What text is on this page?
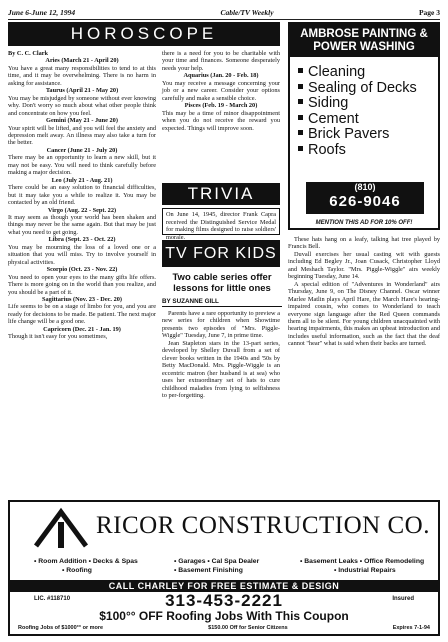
June 6-June 12, 1994	Cable/TV Weekly	Page 3
HOROSCOPE
By C. C. Clark
Aries (March 21 - April 20)

You have a great many responsibilities to tend to at this time, and it may be overwhelming. There is no harm in asking for assistance.

Taurus (April 21 - May 20)

You may be misjudged by someone without ever knowing why. Don't worry so much about what other people think and concentrate on how you feel.

Gemini (May 21 - June 20)

Your spirit will be lifted, and you will feel the anxiety and depression melt away. An illness may also take a turn for the better.

Cancer (June 21 - July 20)

There may be an opportunity to learn a new skill, but it may not be easy. You will need to think carefully before making a major decision.

Leo (July 21 - Aug. 21)

There could be an easy solution to financial difficulties, but it may take you a while to realize it. You may be contacted by an old friend.

Virgo (Aug. 22 - Sept. 22)

It may seem as though your world has been shaken and things may never be the same again. But that may be just what you need to get going.

Libra (Sept. 23 - Oct. 22)

You may be mourning the loss of a loved one or a situation that you will miss. Try to involve yourself in physical activities.

Scorpio (Oct. 23 - Nov. 22)

You need to open your eyes to the many gifts life offers. There is more going on in the world than you realize, and you should be a part of it.

Sagittarius (Nov. 23 - Dec. 20)

Life seems to be on a stage of limbo for you, and you are ready for decisions to be made. Be patient. The next major life change will be a good one.

Capricorn (Dec. 21 - Jan. 19)

Though it isn't easy for you sometimes,

there is a need for you to be charitable with your time and finances. Someone desperately needs your help.

Aquarius (Jan. 20 - Feb. 18)

You may receive a message concerning your job or a new career. Consider your options carefully and make a sensible choice.

Pisces (Feb. 19 - March 20)

This may be a time of minor disappointment when you do not receive the reward you expected. Things will improve soon.

AMBROSE PAINTING & POWER WASHING
Cleaning
Sealing of Decks
Siding
Cement
Brick Pavers
Roofs
(810)
626-9046
MENTION THIS AD FOR 10% OFF!
TRIVIA
On June 14, 1945, director Frank Capra received the Distinguished Service Medal for making films designed to raise soldiers' morale.
TV FOR KIDS
Two cable series offer lessons for little ones
BY SUZANNE GILL

Parents have a rare opportunity to preview a new series for children when Showtime presents two episodes of "Mrs. Piggle-Wiggle" Tuesday, June 7, in prime time.

Jean Stapleton stars in the 13-part series, developed by Shelley Duvall from a set of clever books written in the 1940s and '50s by Betty MacDonald. Mrs. Piggle-Wiggle is an eccentric matron (her husband is at sea) who uses her extraordinary set of hats to cure childhood maladies from lying to selfishness to per-forgetting.

These hats hang on a leafy, talking hat tree played by Francis Bell.

Duvall exercises her usual casting wit with guests including Ed Begley Jr., Joan Cusack, Christopher Lloyd and Meshach Taylor. "Mrs. Piggle-Wiggle" airs weekly beginning Tuesday, June 14.

A special edition of "Adventures in Wonderland" airs Thursday, June 9, on The Disney Channel. Oscar winner Marlee Matlin plays April Hare, the March Hare's hearing-impaired cousin, who comes to Wonderland to teach everyone sign language after the Red Queen commands them all to be silent. For young children unacquainted with hearing impairments, this makes an upbeat introduction and includes useful information, such as the fact that the deaf cannot "hear" what is said when their backs are turned.

RICOR CONSTRUCTION CO.
• Room Addition • Decks & Spas
• Roofing
• Garages • Cal Spa Dealer
• Basement Finishing
• Basement Leaks • Office Remodeling
• Industrial Repairs
CALL CHARLEY FOR FREE ESTIMATE & DESIGN
LIC. #118710	313-453-2221	Insured
$100°° OFF Roofing Jobs With This Coupon
Roofing Jobs of $1000°° or more	$150.00 Off for Senior Citizens	Expires 7-1-94
